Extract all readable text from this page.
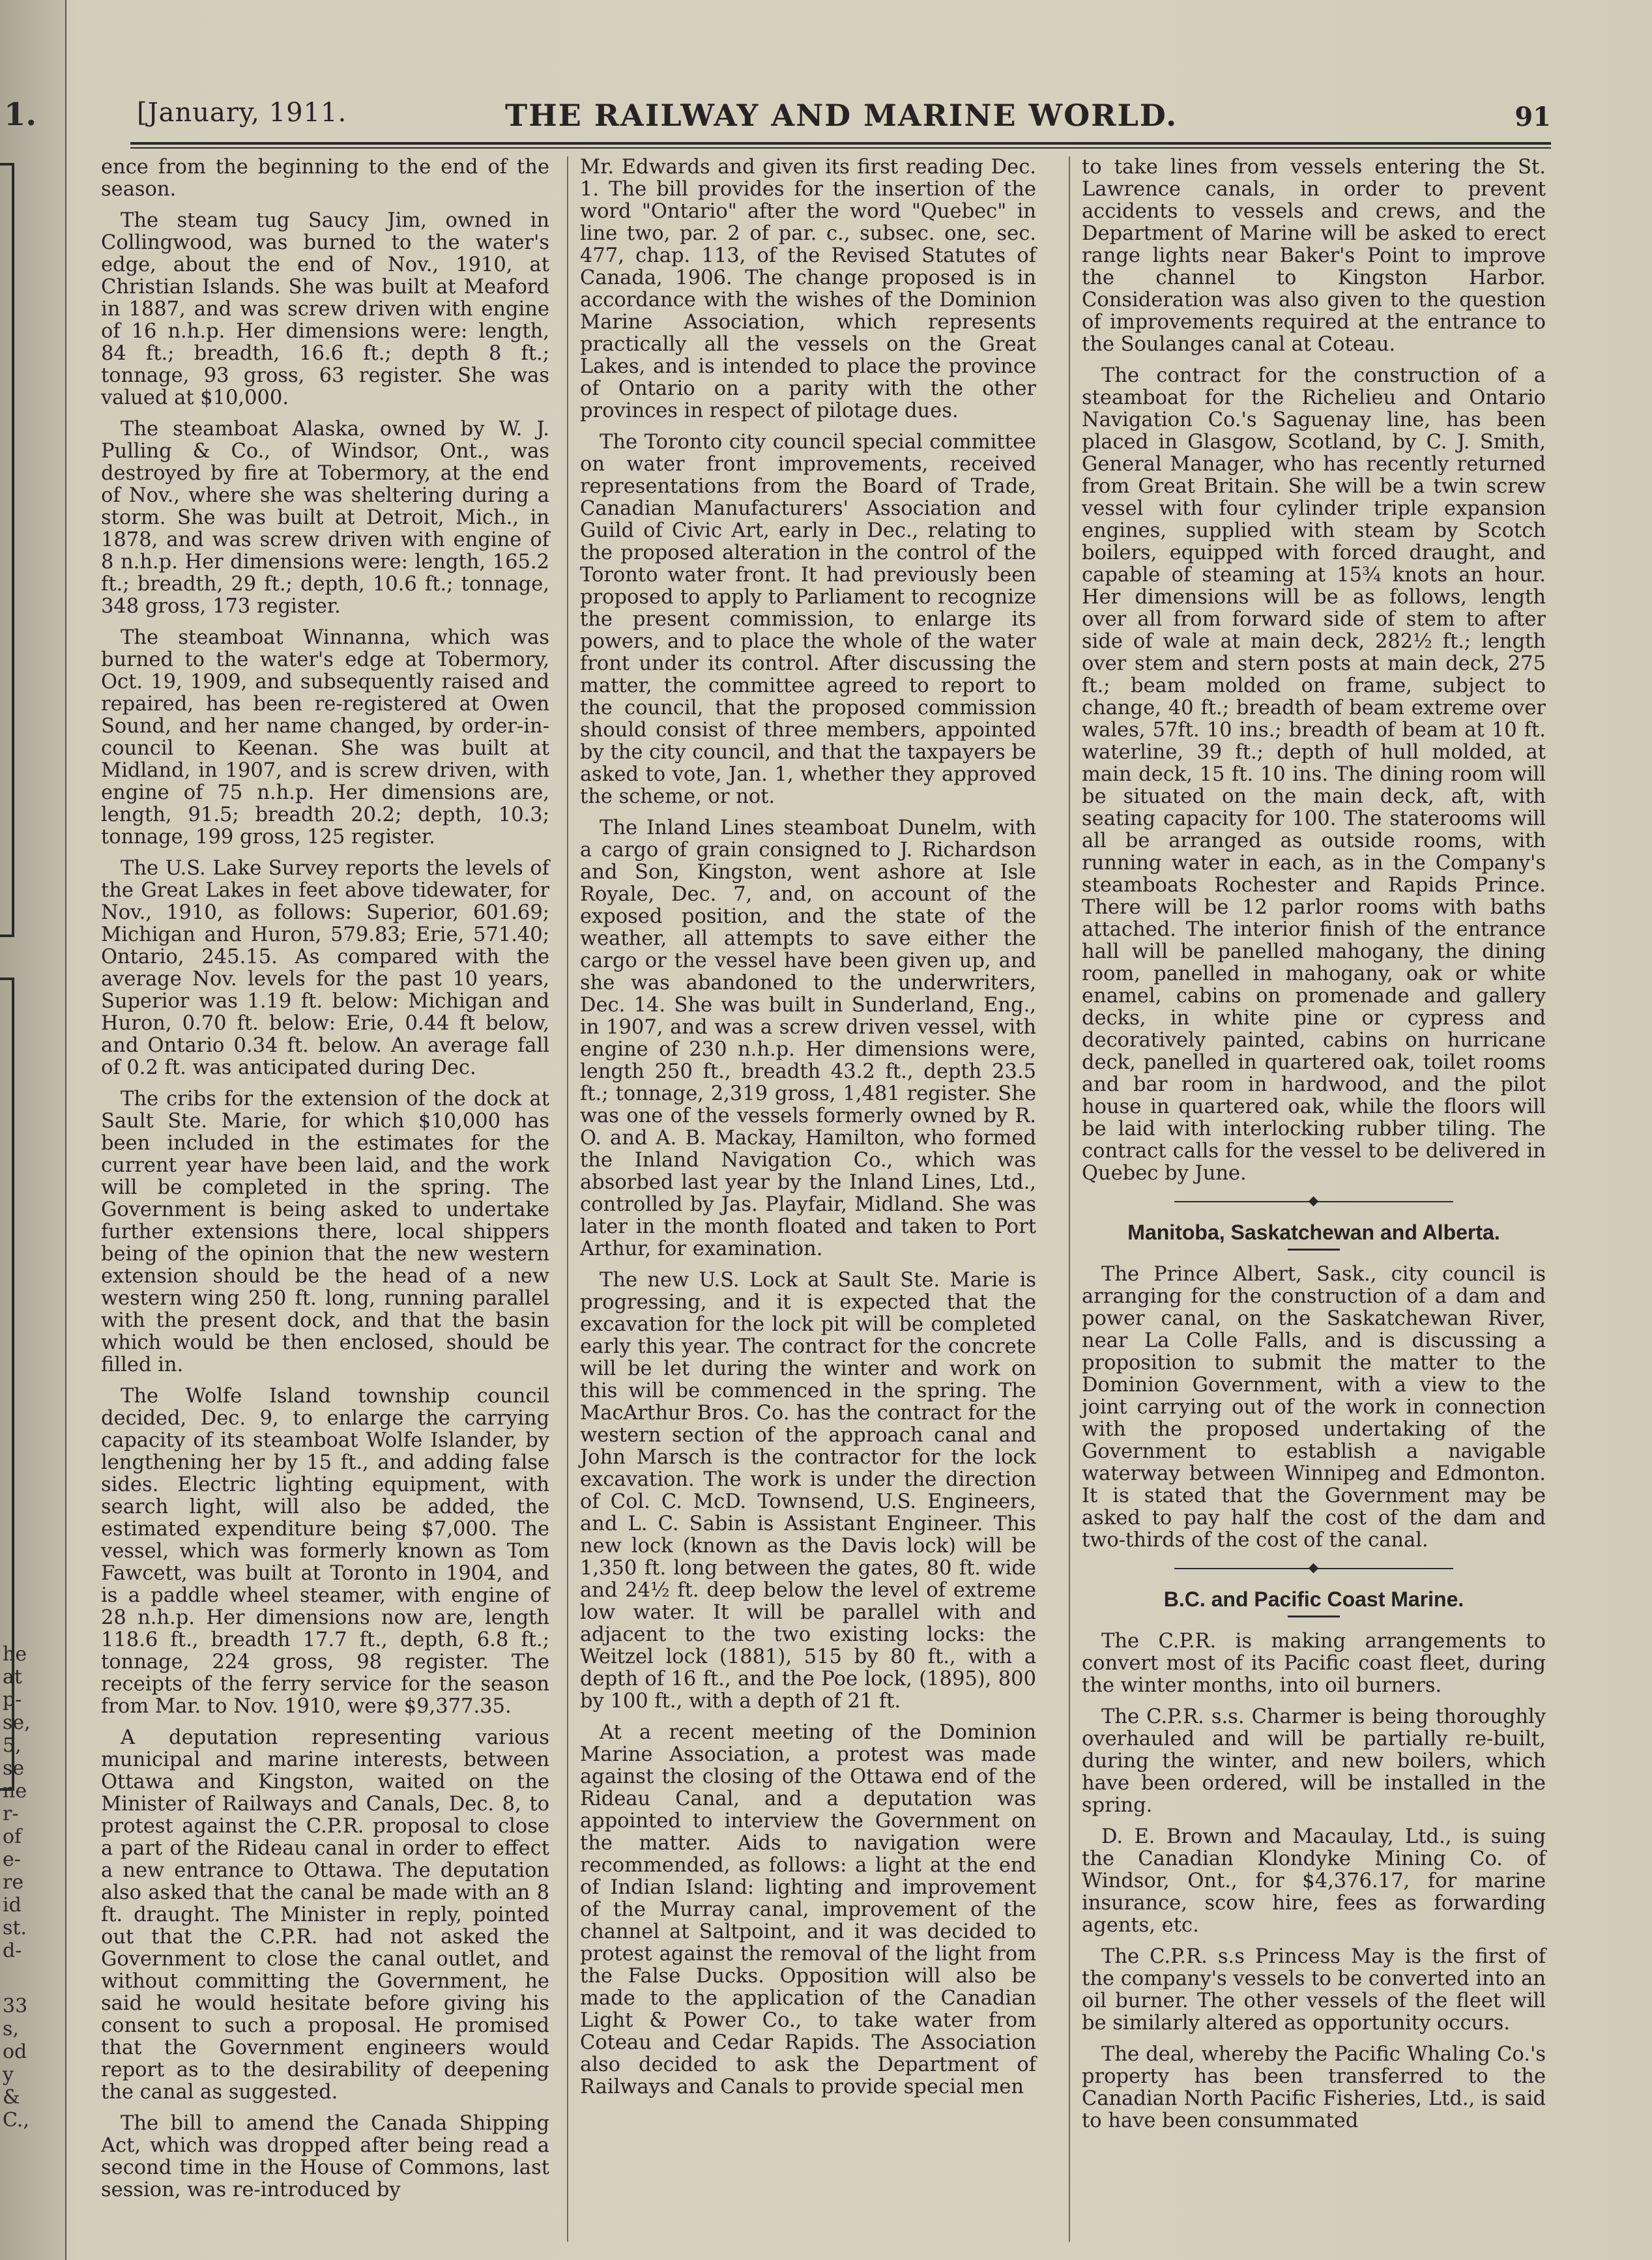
1.
he
at
p-
se,
5,
se
ne
r-
of
e-
re
id
st.
d-
33
s,
od
y
&
C.,
[January, 1911.	THE RAILWAY AND MARINE WORLD.	91

ence from the beginning to the end of the season.

The steam tug Saucy Jim, owned in Collingwood, was burned to the water's edge, about the end of Nov., 1910, at Christian Islands. She was built at Meaford in 1887, and was screw driven with engine of 16 n.h.p. Her dimensions were: length, 84 ft.; breadth, 16.6 ft.; depth 8 ft.; tonnage, 93 gross, 63 register. She was valued at $10,000.

The steamboat Alaska, owned by W. J. Pulling & Co., of Windsor, Ont., was destroyed by fire at Tobermory, at the end of Nov., where she was sheltering during a storm. She was built at Detroit, Mich., in 1878, and was screw driven with engine of 8 n.h.p. Her dimensions were: length, 165.2 ft.; breadth, 29 ft.; depth, 10.6 ft.; tonnage, 348 gross, 173 register.

The steamboat Winnanna, which was burned to the water's edge at Tobermory, Oct. 19, 1909, and subsequently raised and repaired, has been re-registered at Owen Sound, and her name changed, by order-in-council to Keenan. She was built at Midland, in 1907, and is screw driven, with engine of 75 n.h.p. Her dimensions are, length, 91.5; breadth 20.2; depth, 10.3; tonnage, 199 gross, 125 register.

The U.S. Lake Survey reports the levels of the Great Lakes in feet above tidewater, for Nov., 1910, as follows: Superior, 601.69; Michigan and Huron, 579.83; Erie, 571.40; Ontario, 245.15. As compared with the average Nov. levels for the past 10 years, Superior was 1.19 ft. below: Michigan and Huron, 0.70 ft. below: Erie, 0.44 ft below, and Ontario 0.34 ft. below. An average fall of 0.2 ft. was anticipated during Dec.

The cribs for the extension of the dock at Sault Ste. Marie, for which $10,000 has been included in the estimates for the current year have been laid, and the work will be completed in the spring. The Government is being asked to undertake further extensions there, local shippers being of the opinion that the new western extension should be the head of a new western wing 250 ft. long, running parallel with the present dock, and that the basin which would be then enclosed, should be filled in.

The Wolfe Island township council decided, Dec. 9, to enlarge the carrying capacity of its steamboat Wolfe Islander, by lengthening her by 15 ft., and adding false sides. Electric lighting equipment, with search light, will also be added, the estimated expenditure being $7,000. The vessel, which was formerly known as Tom Fawcett, was built at Toronto in 1904, and is a paddle wheel steamer, with engine of 28 n.h.p. Her dimensions now are, length 118.6 ft., breadth 17.7 ft., depth, 6.8 ft.; tonnage, 224 gross, 98 register. The receipts of the ferry service for the season from Mar. to Nov. 1910, were $9,377.35.

A deputation representing various municipal and marine interests, between Ottawa and Kingston, waited on the Minister of Railways and Canals, Dec. 8, to protest against the C.P.R. proposal to close a part of the Rideau canal in order to effect a new entrance to Ottawa. The deputation also asked that the canal be made with an 8 ft. draught. The Minister in reply, pointed out that the C.P.R. had not asked the Government to close the canal outlet, and without committing the Government, he said he would hesitate before giving his consent to such a proposal. He promised that the Government engineers would report as to the desirability of deepening the canal as suggested.

The bill to amend the Canada Shipping Act, which was dropped after being read a second time in the House of Commons, last session, was re-introduced by

Mr. Edwards and given its first reading Dec. 1. The bill provides for the insertion of the word "Ontario" after the word "Quebec" in line two, par. 2 of par. c., subsec. one, sec. 477, chap. 113, of the Revised Statutes of Canada, 1906. The change proposed is in accordance with the wishes of the Dominion Marine Association, which represents practically all the vessels on the Great Lakes, and is intended to place the province of Ontario on a parity with the other provinces in respect of pilotage dues.

The Toronto city council special committee on water front improvements, received representations from the Board of Trade, Canadian Manufacturers' Association and Guild of Civic Art, early in Dec., relating to the proposed alteration in the control of the Toronto water front. It had previously been proposed to apply to Parliament to recognize the present commission, to enlarge its powers, and to place the whole of the water front under its control. After discussing the matter, the committee agreed to report to the council, that the proposed commission should consist of three members, appointed by the city council, and that the taxpayers be asked to vote, Jan. 1, whether they approved the scheme, or not.

The Inland Lines steamboat Dunelm, with a cargo of grain consigned to J. Richardson and Son, Kingston, went ashore at Isle Royale, Dec. 7, and, on account of the exposed position, and the state of the weather, all attempts to save either the cargo or the vessel have been given up, and she was abandoned to the underwriters, Dec. 14. She was built in Sunderland, Eng., in 1907, and was a screw driven vessel, with engine of 230 n.h.p. Her dimensions were, length 250 ft., breadth 43.2 ft., depth 23.5 ft.; tonnage, 2,319 gross, 1,481 register. She was one of the vessels formerly owned by R. O. and A. B. Mackay, Hamilton, who formed the Inland Navigation Co., which was absorbed last year by the Inland Lines, Ltd., controlled by Jas. Playfair, Midland. She was later in the month floated and taken to Port Arthur, for examination.

The new U.S. Lock at Sault Ste. Marie is progressing, and it is expected that the excavation for the lock pit will be completed early this year. The contract for the concrete will be let during the winter and work on this will be commenced in the spring. The MacArthur Bros. Co. has the contract for the western section of the approach canal and John Marsch is the contractor for the lock excavation. The work is under the direction of Col. C. McD. Townsend, U.S. Engineers, and L. C. Sabin is Assistant Engineer. This new lock (known as the Davis lock) will be 1,350 ft. long between the gates, 80 ft. wide and 24½ ft. deep below the level of extreme low water. It will be parallel with and adjacent to the two existing locks: the Weitzel lock (1881), 515 by 80 ft., with a depth of 16 ft., and the Poe lock, (1895), 800 by 100 ft., with a depth of 21 ft.

At a recent meeting of the Dominion Marine Association, a protest was made against the closing of the Ottawa end of the Rideau Canal, and a deputation was appointed to interview the Government on the matter. Aids to navigation were recommended, as follows: a light at the end of Indian Island: lighting and improvement of the Murray canal, improvement of the channel at Saltpoint, and it was decided to protest against the removal of the light from the False Ducks. Opposition will also be made to the application of the Canadian Light & Power Co., to take water from Coteau and Cedar Rapids. The Association also decided to ask the Department of Railways and Canals to provide special men

to take lines from vessels entering the St. Lawrence canals, in order to prevent accidents to vessels and crews, and the Department of Marine will be asked to erect range lights near Baker's Point to improve the channel to Kingston Harbor. Consideration was also given to the question of improvements required at the entrance to the Soulanges canal at Coteau.

The contract for the construction of a steamboat for the Richelieu and Ontario Navigation Co.'s Saguenay line, has been placed in Glasgow, Scotland, by C. J. Smith, General Manager, who has recently returned from Great Britain. She will be a twin screw vessel with four cylinder triple expansion engines, supplied with steam by Scotch boilers, equipped with forced draught, and capable of steaming at 15¾ knots an hour. Her dimensions will be as follows, length over all from forward side of stem to after side of wale at main deck, 282½ ft.; length over stem and stern posts at main deck, 275 ft.; beam molded on frame, subject to change, 40 ft.; breadth of beam extreme over wales, 57ft. 10 ins.; breadth of beam at 10 ft. waterline, 39 ft.; depth of hull molded, at main deck, 15 ft. 10 ins. The dining room will be situated on the main deck, aft, with seating capacity for 100. The staterooms will all be arranged as outside rooms, with running water in each, as in the Company's steamboats Rochester and Rapids Prince. There will be 12 parlor rooms with baths attached. The interior finish of the entrance hall will be panelled mahogany, the dining room, panelled in mahogany, oak or white enamel, cabins on promenade and gallery decks, in white pine or cypress and decoratively painted, cabins on hurricane deck, panelled in quartered oak, toilet rooms and bar room in hardwood, and the pilot house in quartered oak, while the floors will be laid with interlocking rubber tiling. The contract calls for the vessel to be delivered in Quebec by June.

Manitoba, Saskatchewan and Alberta.

The Prince Albert, Sask., city council is arranging for the construction of a dam and power canal, on the Saskatchewan River, near La Colle Falls, and is discussing a proposition to submit the matter to the Dominion Government, with a view to the joint carrying out of the work in connection with the proposed undertaking of the Government to establish a navigable waterway between Winnipeg and Edmonton. It is stated that the Government may be asked to pay half the cost of the dam and two-thirds of the cost of the canal.

B.C. and Pacific Coast Marine.

The C.P.R. is making arrangements to convert most of its Pacific coast fleet, during the winter months, into oil burners.

The C.P.R. s.s. Charmer is being thoroughly overhauled and will be partially re-built, during the winter, and new boilers, which have been ordered, will be installed in the spring.

D. E. Brown and Macaulay, Ltd., is suing the Canadian Klondyke Mining Co. of Windsor, Ont., for $4,376.17, for marine insurance, scow hire, fees as forwarding agents, etc.

The C.P.R. s.s Princess May is the first of the company's vessels to be converted into an oil burner. The other vessels of the fleet will be similarly altered as opportunity occurs.

The deal, whereby the Pacific Whaling Co.'s property has been transferred to the Canadian North Pacific Fisheries, Ltd., is said to have been consummated
